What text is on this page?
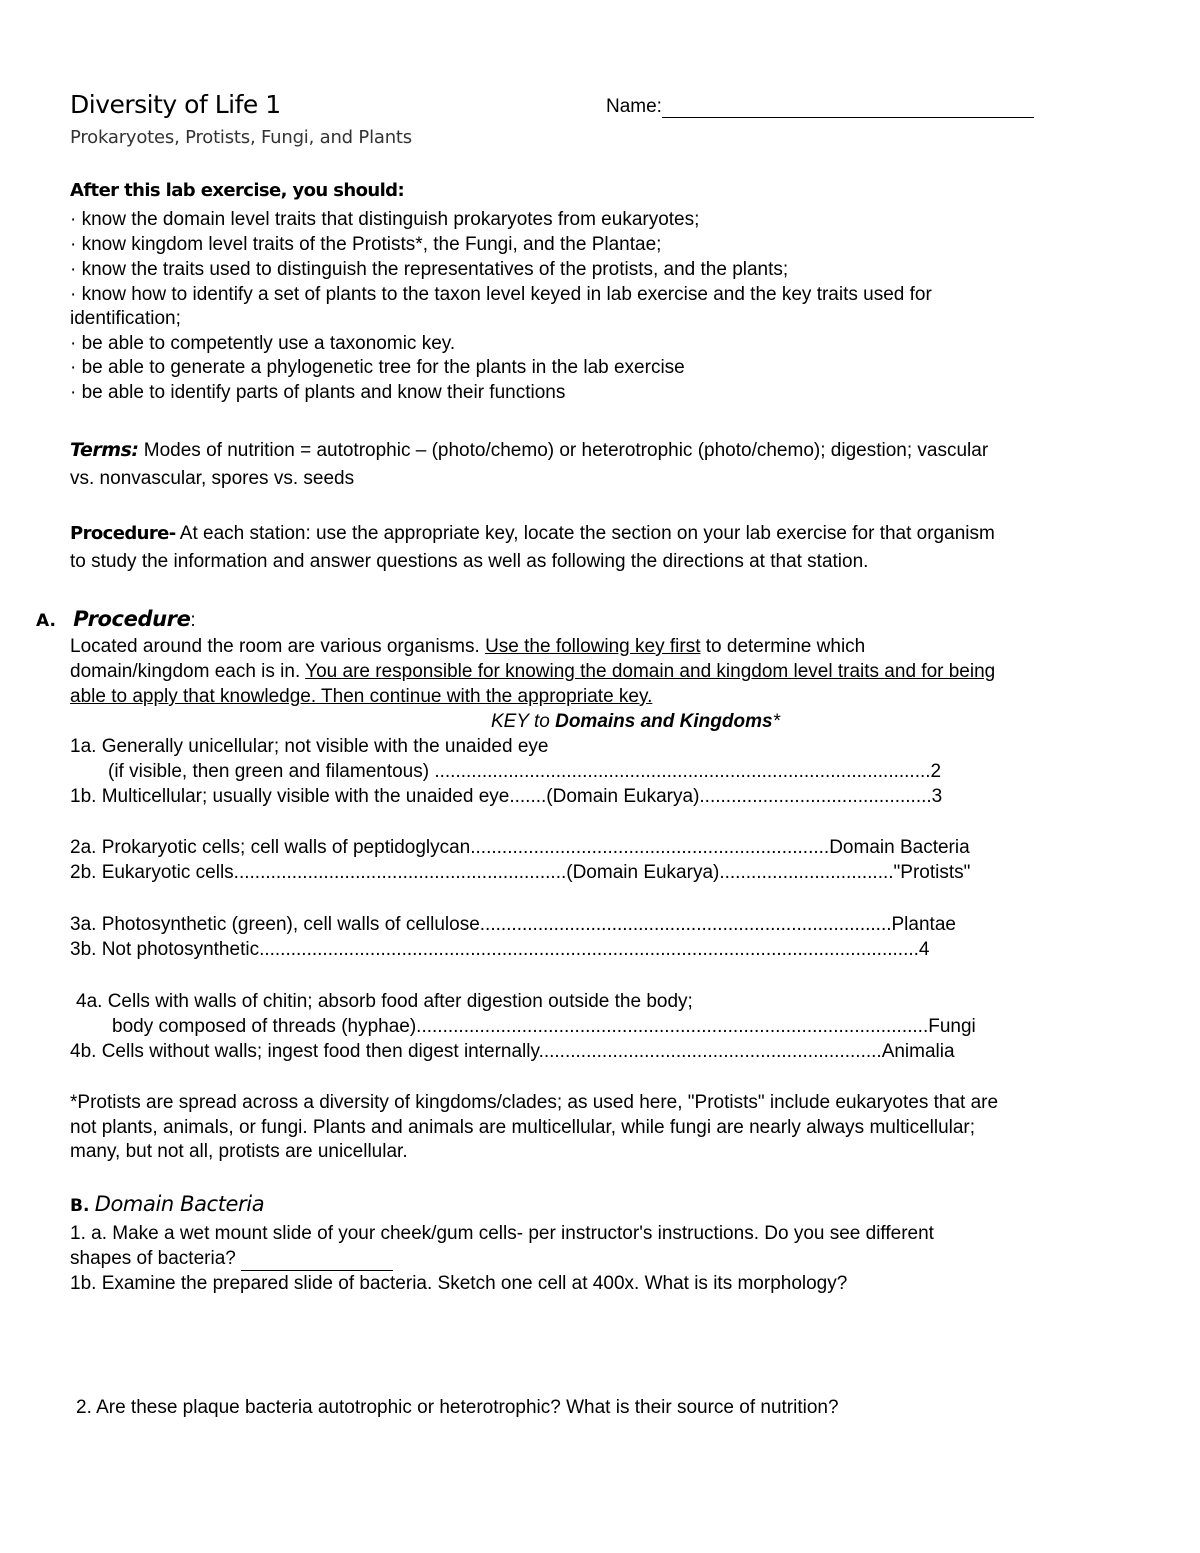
Diversity of Life 1	Name:
Prokaryotes, Protists, Fungi, and Plants
After this lab exercise, you should:
· know the domain level traits that distinguish prokaryotes from eukaryotes;
· know kingdom level traits of the Protists*, the Fungi, and the Plantae;
· know the traits used to distinguish the representatives of the protists, and the plants;
· know how to identify a set of plants to the taxon level keyed in lab exercise and the key traits used for
identification;
· be able to competently use a taxonomic key.
· be able to generate a phylogenetic tree for the plants in the lab exercise
· be able to identify parts of plants and know their functions
Terms: Modes of nutrition = autotrophic – (photo/chemo) or heterotrophic (photo/chemo); digestion; vascular
vs. nonvascular, spores vs. seeds
Procedure- At each station: use the appropriate key, locate the section on your lab exercise for that organism
to study the information and answer questions as well as following the directions at that station.
A. Procedure:
Located around the room are various organisms. Use the following key first to determine which
domain/kingdom each is in. You are responsible for knowing the domain and kingdom level traits and for being
able to apply that knowledge. Then continue with the appropriate key.
KEY to Domains and Kingdoms*
1a. Generally unicellular; not visible with the unaided eye
(if visible, then green and filamentous) ..............................................................................................2
1b. Multicellular; usually visible with the unaided eye.......(Domain Eukarya)............................................3
2a. Prokaryotic cells; cell walls of peptidoglycan....................................................................Domain Bacteria
2b. Eukaryotic cells...............................................................(Domain Eukarya)................................."Protists"
3a. Photosynthetic (green), cell walls of cellulose..............................................................................Plantae
3b. Not photosynthetic.............................................................................................................................4
4a. Cells with walls of chitin; absorb food after digestion outside the body;
body composed of threads (hyphae).................................................................................................Fungi
4b. Cells without walls; ingest food then digest internally.................................................................Animalia
*Protists are spread across a diversity of kingdoms/clades; as used here, "Protists" include eukaryotes that are
not plants, animals, or fungi. Plants and animals are multicellular, while fungi are nearly always multicellular;
many, but not all, protists are unicellular.
B. Domain Bacteria
1. a. Make a wet mount slide of your cheek/gum cells- per instructor's instructions. Do you see different
shapes of bacteria?
1b. Examine the prepared slide of bacteria. Sketch one cell at 400x. What is its morphology?
2. Are these plaque bacteria autotrophic or heterotrophic? What is their source of nutrition?
